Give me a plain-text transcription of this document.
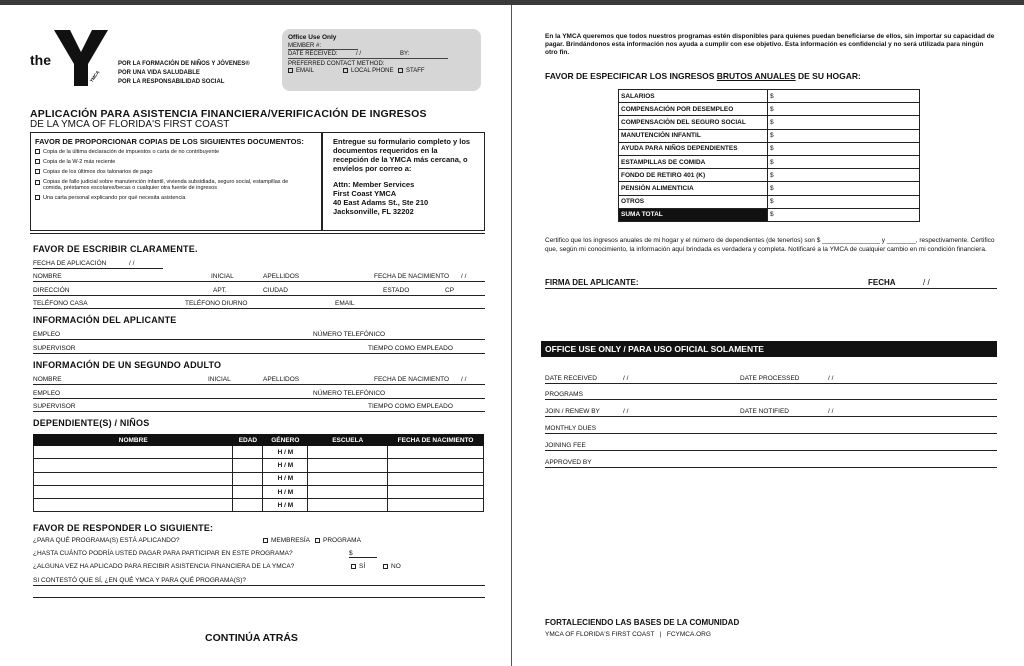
the
YMCA
POR LA FORMACIÓN DE NIÑOS Y JÓVENES®
POR UNA VIDA SALUDABLE
POR LA RESPONSABILIDAD SOCIAL
Office Use Only
MEMBER #:
DATE RECEIVED:	/ /	BY:
PREFERRED CONTACT METHOD:
EMAIL	LOCAL PHONE	STAFF
APLICACIÓN PARA ASISTENCIA FINANCIERA/VERIFICACIÓN DE INGRESOS
DE LA YMCA OF FLORIDA'S FIRST COAST
FAVOR DE PROPORCIONAR COPIAS DE LOS SIGUIENTES DOCUMENTOS:
Copia de la última declaración de impuestos o carta de no contribuyente
Copia de la W-2 más reciente
Copias de los últimos dos talonarios de pago
Copias de fallo judicial sobre manutención infantil, vivienda subsidiada, seguro social, estampillas de comida, préstamos escolares/becas o cualquier otra fuente de ingresos
Una carta personal explicando por qué necesita asistencia
Entregue su formulario completo y los documentos requeridos en la recepción de la YMCA más cercana, o envíelos por correo a:
Attn: Member Services
First Coast YMCA
40 East Adams St., Ste 210
Jacksonville, FL 32202
FAVOR DE ESCRIBIR CLARAMENTE.
FECHA DE APLICACIÓN	/ /
NOMBRE	INICIAL	APELLIDOS	FECHA DE NACIMIENTO / /
DIRECCIÓN	APT.	CIUDAD	ESTADO	CP
TELÉFONO CASA	TELÉFONO DIURNO	EMAIL
INFORMACIÓN DEL APLICANTE
EMPLEO	NÚMERO TELEFÓNICO
SUPERVISOR	TIEMPO COMO EMPLEADO
INFORMACIÓN DE UN SEGUNDO ADULTO
NOMBRE	INICIAL	APELLIDOS	FECHA DE NACIMIENTO / /
EMPLEO	NÚMERO TELEFÓNICO
SUPERVISOR	TIEMPO COMO EMPLEADO
DEPENDIENTE(S) / NIÑOS
NOMBRE	EDAD	GÉNERO	ESCUELA	FECHA DE NACIMIENTO
		H / M		
		H / M		
		H / M		
		H / M		
		H / M		
FAVOR DE RESPONDER LO SIGUIENTE:
¿PARA QUÉ PROGRAMA(S) ESTÁ APLICANDO?	MEMBRESÍA	PROGRAMA
¿HASTA CUÁNTO PODRÍA USTED PAGAR PARA PARTICIPAR EN ESTE PROGRAMA?	$
¿ALGUNA VEZ HA APLICADO PARA RECIBIR ASISTENCIA FINANCIERA DE LA YMCA?	SÍ	NO
SI CONTESTÓ QUE SÍ, ¿EN QUÉ YMCA Y PARA QUÉ PROGRAMA(S)?
CONTINÚA ATRÁS
En la YMCA queremos que todos nuestros programas estén disponibles para quienes puedan beneficiarse de ellos, sin importar su capacidad de pagar. Brindándonos esta información nos ayuda a cumplir con ese objetivo. Esta información es confidencial y no será utilizada para ningún otro fin.
FAVOR DE ESPECIFICAR LOS INGRESOS BRUTOS ANUALES DE SU HOGAR:
SALARIOS	$
COMPENSACIÓN POR DESEMPLEO	$
COMPENSACIÓN DEL SEGURO SOCIAL	$
MANUTENCIÓN INFANTIL	$
AYUDA PARA NIÑOS DEPENDIENTES	$
ESTAMPILLAS DE COMIDA	$
FONDO DE RETIRO 401 (K)	$
PENSIÓN ALIMENTICIA	$
OTROS	$
SUMA TOTAL	$
Certifico que los ingresos anuales de mi hogar y el número de dependientes (de tenerlos) son $ ________________ y ________, respectivamente. Certifico que, según mi conocimiento, la información aquí brindada es verdadera y completa. Notificaré a la YMCA de cualquier cambio en mi condición financiera.
FIRMA DEL APLICANTE:	FECHA	/ /
OFFICE USE ONLY / PARA USO OFICIAL SOLAMENTE
DATE RECEIVED	/ /	DATE PROCESSED	/ /
PROGRAMS
JOIN / RENEW BY	/ /	DATE NOTIFIED	/ /
MONTHLY DUES
JOINING FEE
APPROVED BY
FORTALECIENDO LAS BASES DE LA COMUNIDAD
YMCA OF FLORIDA'S FIRST COAST   |   FCYMCA.ORG
